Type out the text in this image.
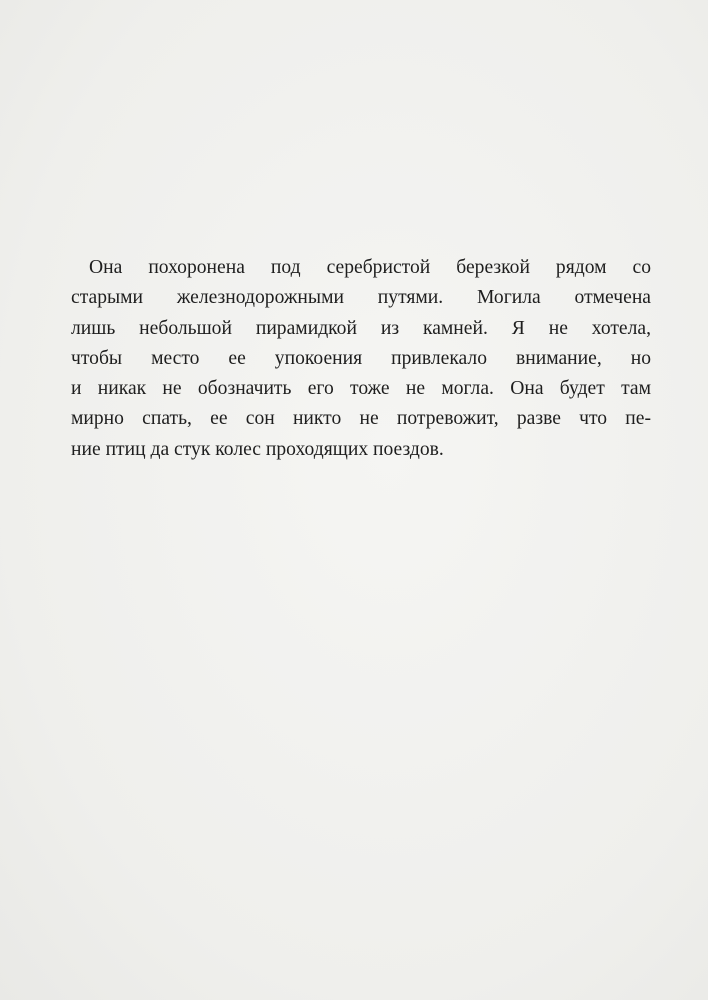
Она похоронена под серебристой березкой рядом со
старыми железнодорожными путями. Могила отмечена
лишь небольшой пирамидкой из камней. Я не хотела,
чтобы место ее упокоения привлекало внимание, но
и никак не обозначить его тоже не могла. Она будет там
мирно спать, ее сон никто не потревожит, разве что пе-
ние птиц да стук колес проходящих поездов.
